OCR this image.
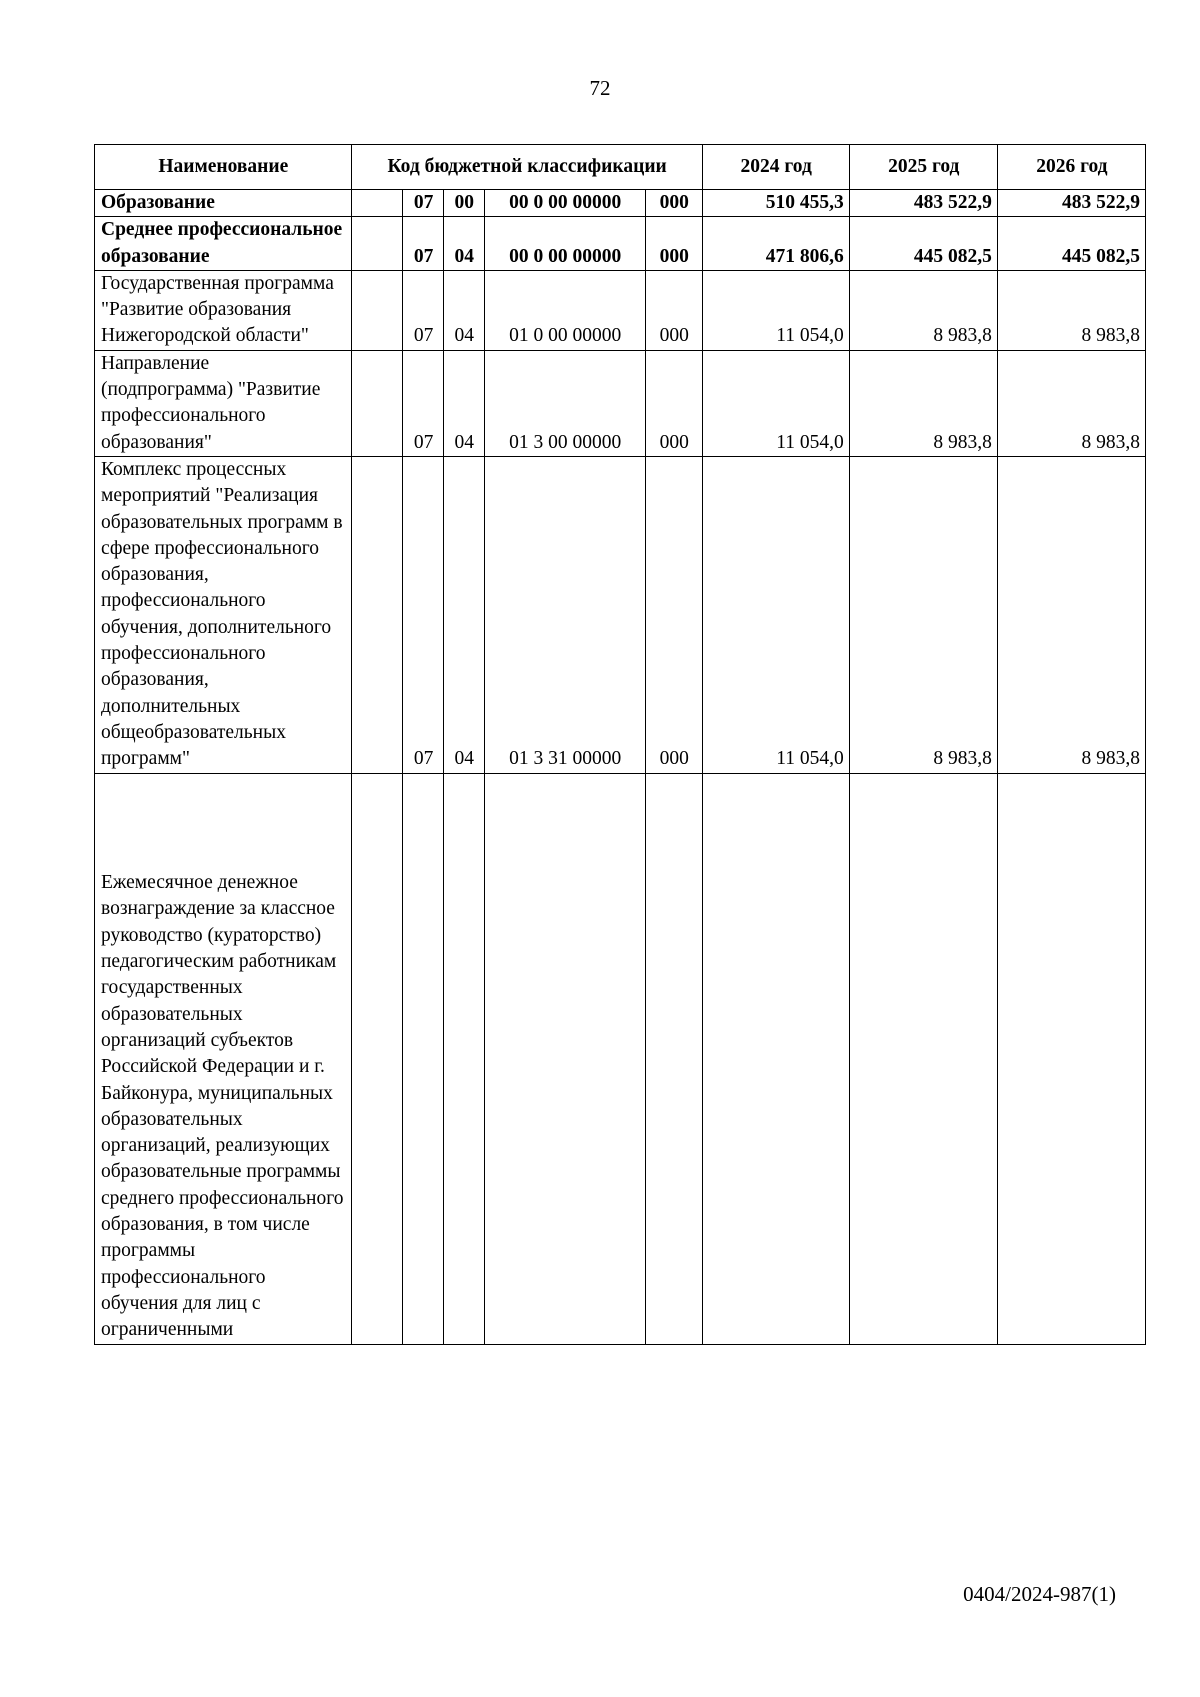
72
Наименование	Код бюджетной классификации					2024 год	2025 год	2026 год
Образование		07	00	00 0 00 00000	000	510 455,3	483 522,9	483 522,9
Среднее профессиональное образование		07	04	00 0 00 00000	000	471 806,6	445 082,5	445 082,5
Государственная программа "Развитие образования Нижегородской области"		07	04	01 0 00 00000	000	11 054,0	8 983,8	8 983,8
Направление (подпрограмма) "Развитие профессионального образования"		07	04	01 3 00 00000	000	11 054,0	8 983,8	8 983,8
Комплекс процессных мероприятий "Реализация образовательных программ в сфере профессионального образования, профессионального обучения, дополнительного профессионального образования, дополнительных общеобразовательных программ"		07	04	01 3 31 00000	000	11 054,0	8 983,8	8 983,8
Ежемесячное денежное вознаграждение за классное руководство (кураторство) педагогическим работникам государственных образовательных организаций субъектов Российской Федерации и г. Байконура, муниципальных образовательных организаций, реализующих образовательные программы среднего профессионального образования, в том числе программы профессионального обучения для лиц с ограниченными								
0404/2024-987(1)
